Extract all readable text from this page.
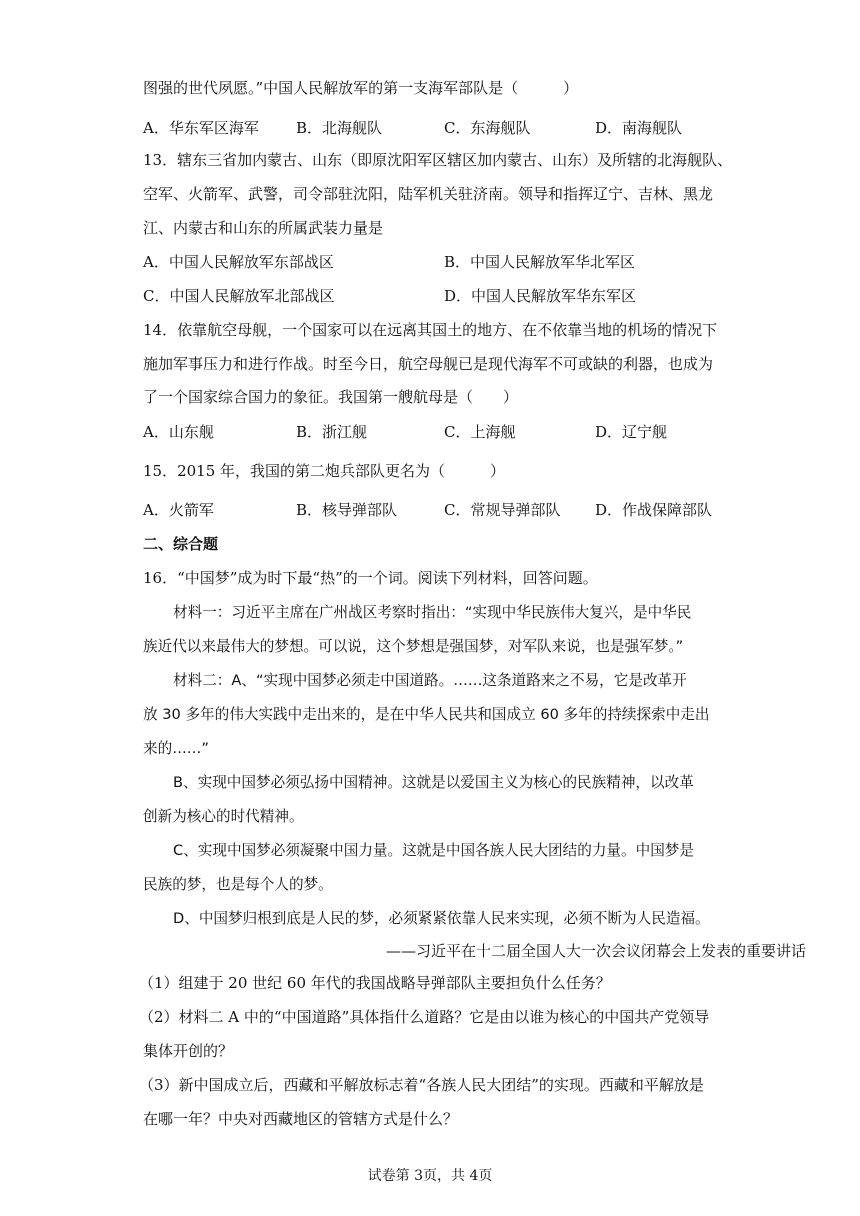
图强的世代夙愿。”中国人民解放军的第一支海军部队是（　　　）
A．华东军区海军 B．北海舰队	C．东海舰队	D．南海舰队
13．辖东三省加内蒙古、山东（即原沈阳军区辖区加内蒙古、山东）及所辖的北海舰队、
空军、火箭军、武警，司令部驻沈阳，陆军机关驻济南。领导和指挥辽宁、吉林、黑龙
江、内蒙古和山东的所属武装力量是
A．中国人民解放军东部战区	B．中国人民解放军华北军区
C．中国人民解放军北部战区	D．中国人民解放军华东军区
14．依靠航空母舰，一个国家可以在远离其国土的地方、在不依靠当地的机场的情况下
施加军事压力和进行作战。时至今日，航空母舰已是现代海军不可或缺的利器，也成为
了一个国家综合国力的象征。我国第一艘航母是（　　）
A．山东舰	B．浙江舰	C．上海舰	D．辽宁舰
15．2015 年，我国的第二炮兵部队更名为（　　　）
A．火箭军	B．核导弹部队	C．常规导弹部队 D．作战保障部队
二、综合题
16．“中国梦”成为时下最“热”的一个词。阅读下列材料，回答问题。
材料一：习近平主席在广州战区考察时指出：“实现中华民族伟大复兴，是中华民
族近代以来最伟大的梦想。可以说，这个梦想是强国梦，对军队来说，也是强军梦。”
材料二：A、“实现中国梦必须走中国道路。……这条道路来之不易，它是改革开
放 30 多年的伟大实践中走出来的，是在中华人民共和国成立 60 多年的持续探索中走出
来的……”
B、实现中国梦必须弘扬中国精神。这就是以爱国主义为核心的民族精神，以改革
创新为核心的时代精神。
C、实现中国梦必须凝聚中国力量。这就是中国各族人民大团结的力量。中国梦是
民族的梦，也是每个人的梦。
D、中国梦归根到底是人民的梦，必须紧紧依靠人民来实现，必须不断为人民造福。
——习近平在十二届全国人大一次会议闭幕会上发表的重要讲话
（1）组建于 20 世纪 60 年代的我国战略导弹部队主要担负什么任务？
（2）材料二 A 中的“中国道路”具体指什么道路？它是由以谁为核心的中国共产党领导
集体开创的？
（3）新中国成立后，西藏和平解放标志着“各族人民大团结”的实现。西藏和平解放是
在哪一年？中央对西藏地区的管辖方式是什么？
试卷第 3页，共 4页
